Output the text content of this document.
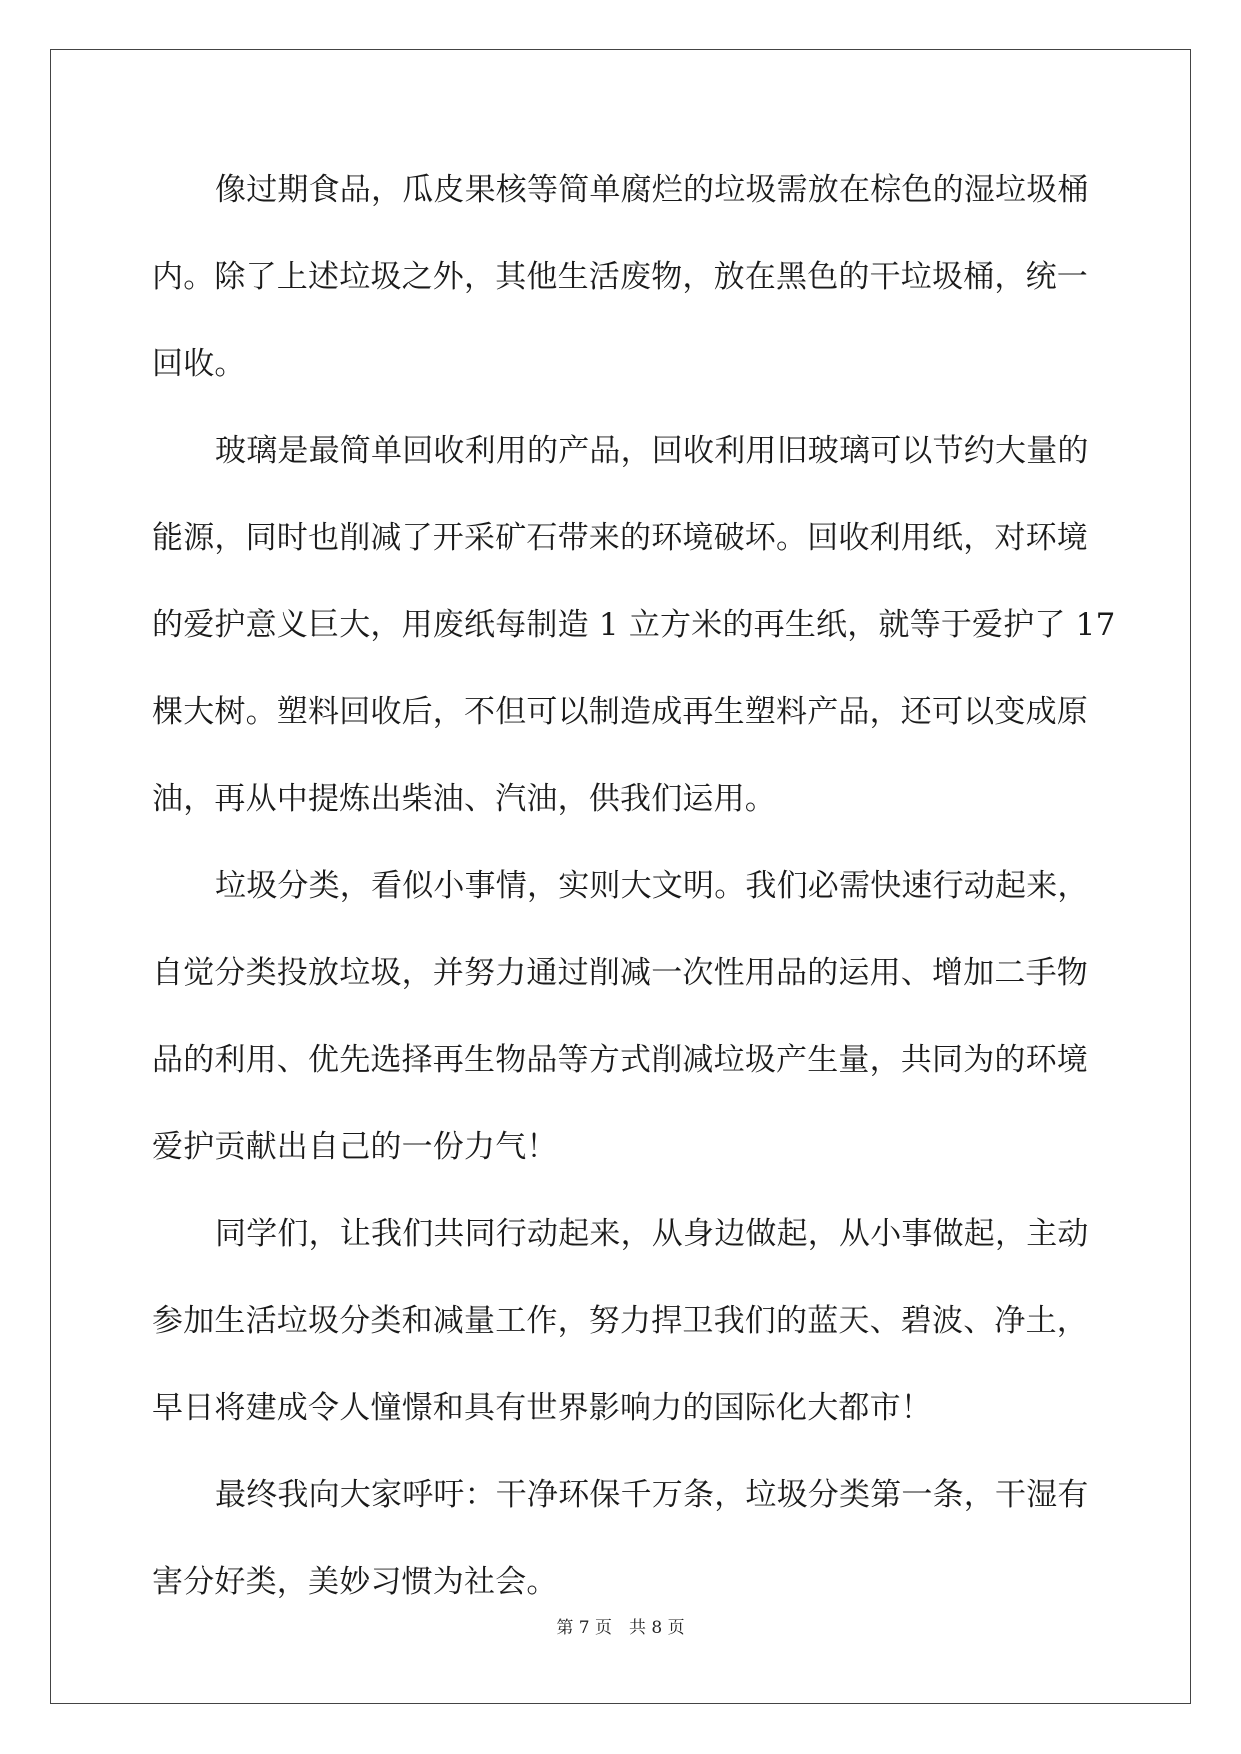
像过期食品，瓜皮果核等简单腐烂的垃圾需放在棕色的湿垃圾桶
内。除了上述垃圾之外，其他生活废物，放在黑色的干垃圾桶，统一
回收。
玻璃是最简单回收利用的产品，回收利用旧玻璃可以节约大量的
能源，同时也削减了开采矿石带来的环境破坏。回收利用纸，对环境
的爱护意义巨大，用废纸每制造 1 立方米的再生纸，就等于爱护了 17
棵大树。塑料回收后，不但可以制造成再生塑料产品，还可以变成原
油，再从中提炼出柴油、汽油，供我们运用。
垃圾分类，看似小事情，实则大文明。我们必需快速行动起来，
自觉分类投放垃圾，并努力通过削减一次性用品的运用、增加二手物
品的利用、优先选择再生物品等方式削减垃圾产生量，共同为的环境
爱护贡献出自己的一份力气！
同学们，让我们共同行动起来，从身边做起，从小事做起，主动
参加生活垃圾分类和减量工作，努力捍卫我们的蓝天、碧波、净土，
早日将建成令人憧憬和具有世界影响力的国际化大都市！
最终我向大家呼吁：干净环保千万条，垃圾分类第一条，干湿有
害分好类，美妙习惯为社会。
第 7 页　共 8 页
